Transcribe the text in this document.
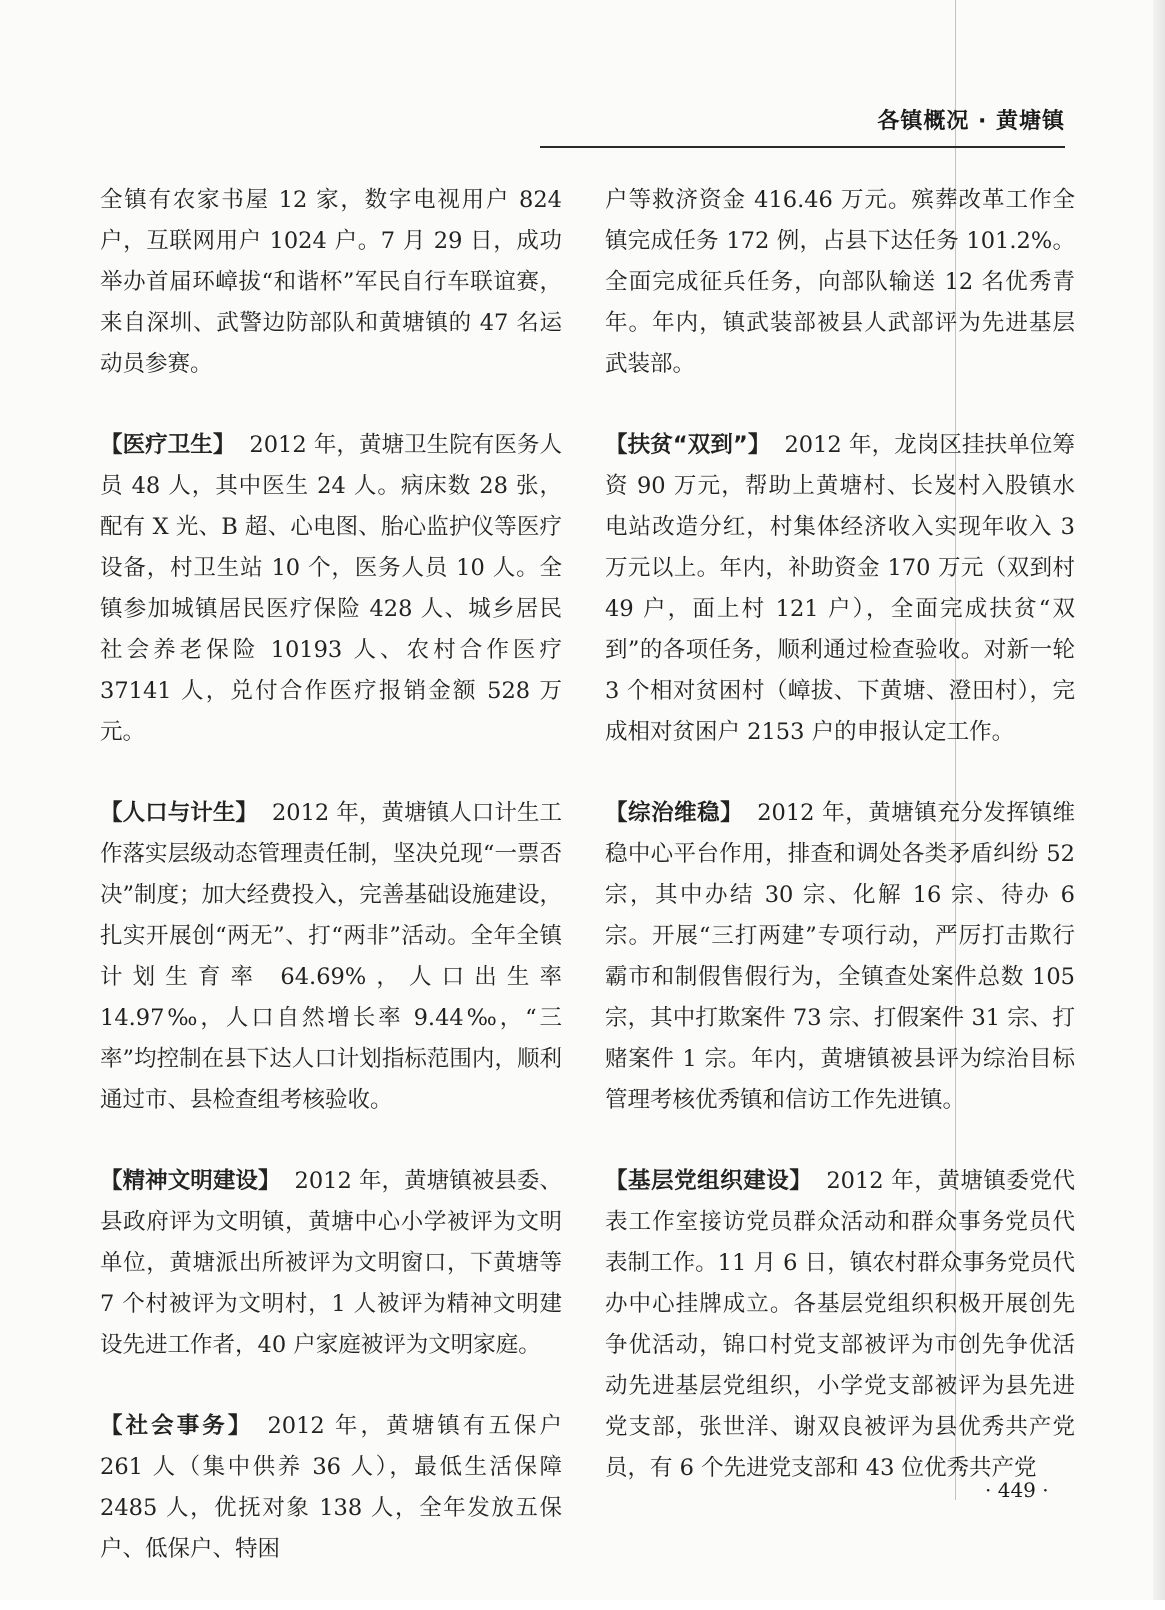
各镇概况 · 黄塘镇

全镇有农家书屋 12 家，数字电视用户 824 户，互联网用户 1024 户。7 月 29 日，成功举办首届环嶂拔“和谐杯”军民自行车联谊赛，来自深圳、武警边防部队和黄塘镇的 47 名运动员参赛。

【医疗卫生】 2012 年，黄塘卫生院有医务人员 48 人，其中医生 24 人。病床数 28 张，配有 X 光、B 超、心电图、胎心监护仪等医疗设备，村卫生站 10 个，医务人员 10 人。全镇参加城镇居民医疗保险 428 人、城乡居民社会养老保险 10193 人、农村合作医疗 37141 人，兑付合作医疗报销金额 528 万元。

【人口与计生】 2012 年，黄塘镇人口计生工作落实层级动态管理责任制，坚决兑现“一票否决”制度；加大经费投入，完善基础设施建设，扎实开展创“两无”、打“两非”活动。全年全镇计划生育率 64.69%，人口出生率 14.97‰，人口自然增长率 9.44‰，“三率”均控制在县下达人口计划指标范围内，顺利通过市、县检查组考核验收。

【精神文明建设】 2012 年，黄塘镇被县委、县政府评为文明镇，黄塘中心小学被评为文明单位，黄塘派出所被评为文明窗口，下黄塘等 7 个村被评为文明村，1 人被评为精神文明建设先进工作者，40 户家庭被评为文明家庭。

【社会事务】 2012 年，黄塘镇有五保户 261 人（集中供养 36 人），最低生活保障 2485 人，优抚对象 138 人，全年发放五保户、低保户、特困

户等救济资金 416.46 万元。殡葬改革工作全镇完成任务 172 例，占县下达任务 101.2%。全面完成征兵任务，向部队输送 12 名优秀青年。年内，镇武装部被县人武部评为先进基层武装部。

【扶贫“双到”】 2012 年，龙岗区挂扶单位筹资 90 万元，帮助上黄塘村、长岌村入股镇水电站改造分红，村集体经济收入实现年收入 3 万元以上。年内，补助资金 170 万元（双到村 49 户，面上村 121 户），全面完成扶贫“双到”的各项任务，顺利通过检查验收。对新一轮 3 个相对贫困村（嶂拔、下黄塘、澄田村），完成相对贫困户 2153 户的申报认定工作。

【综治维稳】 2012 年，黄塘镇充分发挥镇维稳中心平台作用，排查和调处各类矛盾纠纷 52 宗，其中办结 30 宗、化解 16 宗、待办 6 宗。开展“三打两建”专项行动，严厉打击欺行霸市和制假售假行为，全镇查处案件总数 105 宗，其中打欺案件 73 宗、打假案件 31 宗、打赌案件 1 宗。年内，黄塘镇被县评为综治目标管理考核优秀镇和信访工作先进镇。

【基层党组织建设】 2012 年，黄塘镇委党代表工作室接访党员群众活动和群众事务党员代表制工作。11 月 6 日，镇农村群众事务党员代办中心挂牌成立。各基层党组织积极开展创先争优活动，锦口村党支部被评为市创先争优活动先进基层党组织，小学党支部被评为县先进党支部，张世洋、谢双良被评为县优秀共产党员，有 6 个先进党支部和 43 位优秀共产党

· 449 ·
